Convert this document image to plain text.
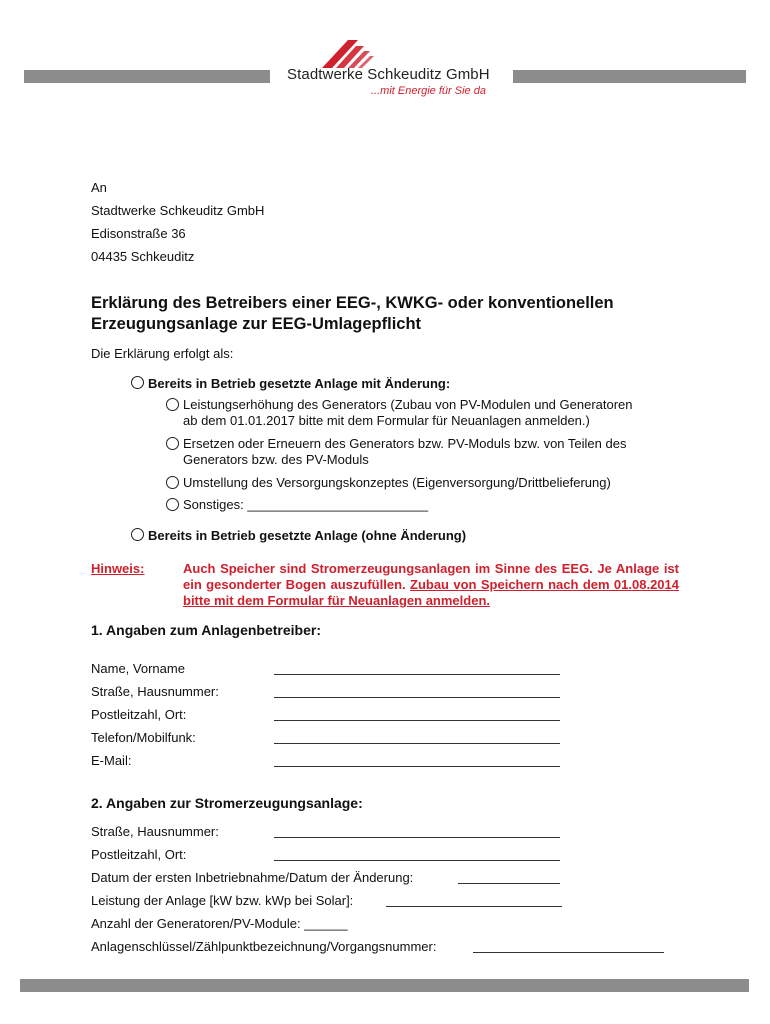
Stadtwerke Schkeuditz GmbH
...mit Energie für Sie da
An
Stadtwerke Schkeuditz GmbH
Edisonstraße 36
04435 Schkeuditz
Erklärung des Betreibers einer EEG-, KWKG- oder konventionellen
Erzeugungsanlage zur EEG-Umlagepflicht
Die Erklärung erfolgt als:
Bereits in Betrieb gesetzte Anlage mit Änderung:
Leistungserhöhung des Generators (Zubau von PV-Modulen und Generatoren
ab dem 01.01.2017 bitte mit dem Formular für Neuanlagen anmelden.)
Ersetzen oder Erneuern des Generators bzw. PV-Moduls bzw. von Teilen des
Generators bzw. des PV-Moduls
Umstellung des Versorgungskonzeptes (Eigenversorgung/Drittbelieferung)
Sonstiges: _________________________
Bereits in Betrieb gesetzte Anlage (ohne Änderung)
Hinweis:	Auch Speicher sind Stromerzeugungsanlagen im Sinne des EEG. Je Anlage ist ein gesonderter Bogen auszufüllen. Zubau von Speichern nach dem 01.08.2014 bitte mit dem Formular für Neuanlagen anmelden.
1. Angaben zum Anlagenbetreiber:
Name, Vorname
Straße, Hausnummer:
Postleitzahl, Ort:
Telefon/Mobilfunk:
E-Mail:
2. Angaben zur Stromerzeugungsanlage:
Straße, Hausnummer:
Postleitzahl, Ort:
Datum der ersten Inbetriebnahme/Datum der Änderung:
Leistung der Anlage [kW bzw. kWp bei Solar]:
Anzahl der Generatoren/PV-Module: ______
Anlagenschlüssel/Zählpunktbezeichnung/Vorgangsnummer:
